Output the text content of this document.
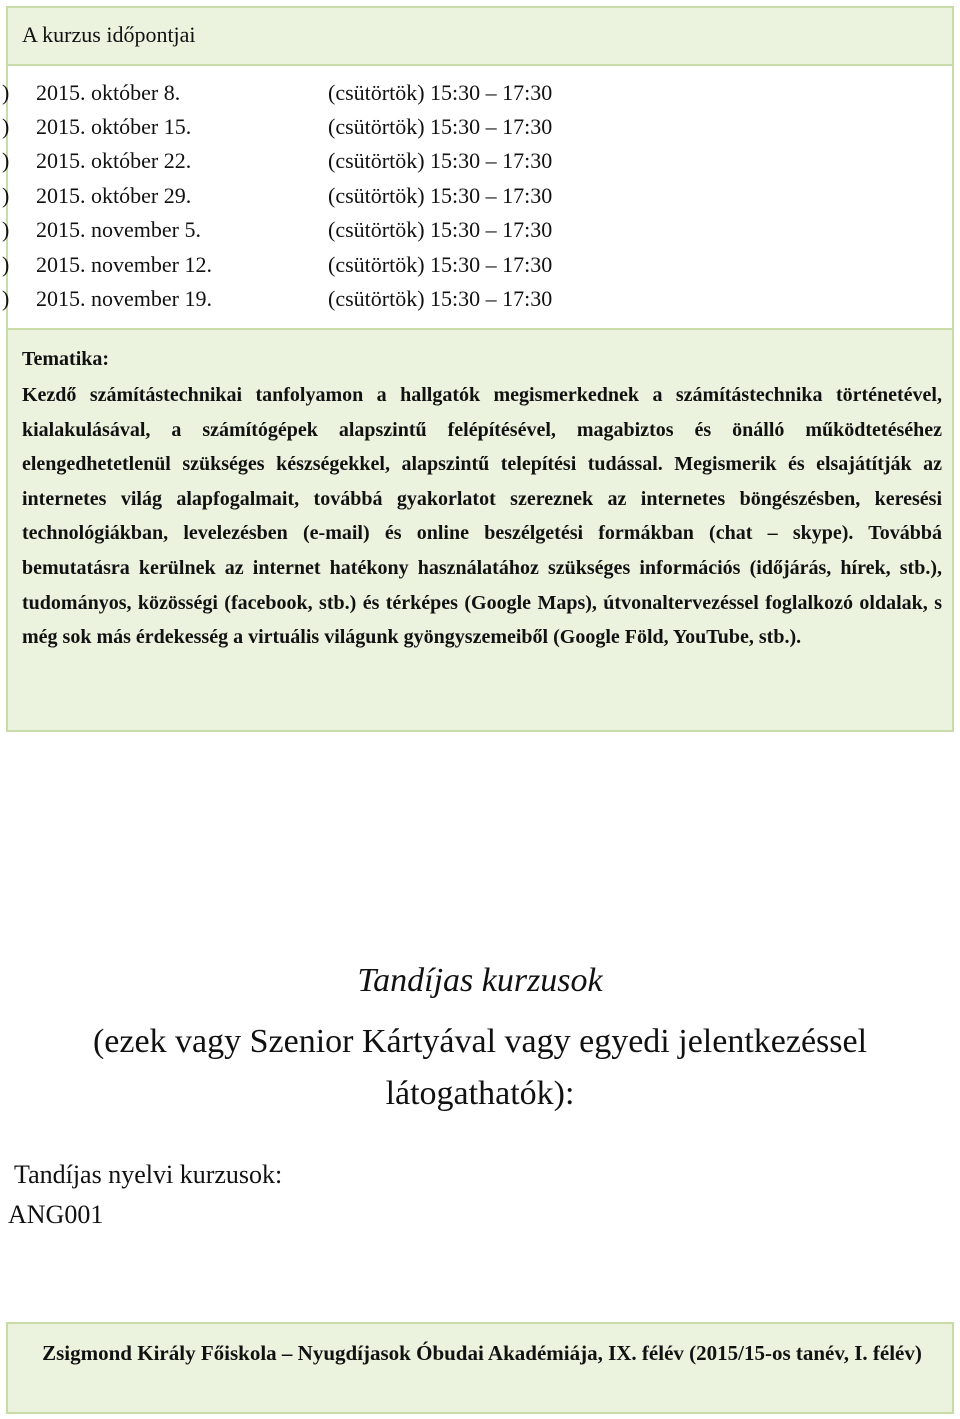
A kurzus időpontjai
) 2015. október 8.	(csütörtök) 15:30 – 17:30
) 2015. október 15.	(csütörtök) 15:30 – 17:30
) 2015. október 22.	(csütörtök) 15:30 – 17:30
) 2015. október 29.	(csütörtök) 15:30 – 17:30
) 2015. november 5.	(csütörtök) 15:30 – 17:30
) 2015. november 12.	(csütörtök) 15:30 – 17:30
) 2015. november 19.	(csütörtök) 15:30 – 17:30
Tematika:
Kezdő számítástechnikai tanfolyamon a hallgatók megismerkednek a számítástechnika történetével, kialakulásával, a számítógépek alapszintű felépítésével, magabiztos és önálló működtetéséhez elengedhetetlenül szükséges készségekkel, alapszintű telepítési tudással. Megismerik és elsajátítják az internetes világ alapfogalmait, továbbá gyakorlatot szereznek az internetes böngészésben, keresési technológiákban, levelezésben (e-mail) és online beszélgetési formákban (chat – skype). Továbbá bemutatásra kerülnek az internet hatékony használatához szükséges információs (időjárás, hírek, stb.), tudományos, közösségi (facebook, stb.) és térképes (Google Maps), útvonaltervezéssel foglalkozó oldalak, s még sok más érdekesség a virtuális világunk gyöngyszemeiből (Google Föld, YouTube, stb.).
Tandíjas kurzusok
(ezek vagy Szenior Kártyával vagy egyedi jelentkezéssel látogathatók):
Tandíjas nyelvi kurzusok:
ANG001
Zsigmond Király Főiskola – Nyugdíjasok Óbudai Akadémiája, IX. félév (2015/15-os tanév, I. félév)
